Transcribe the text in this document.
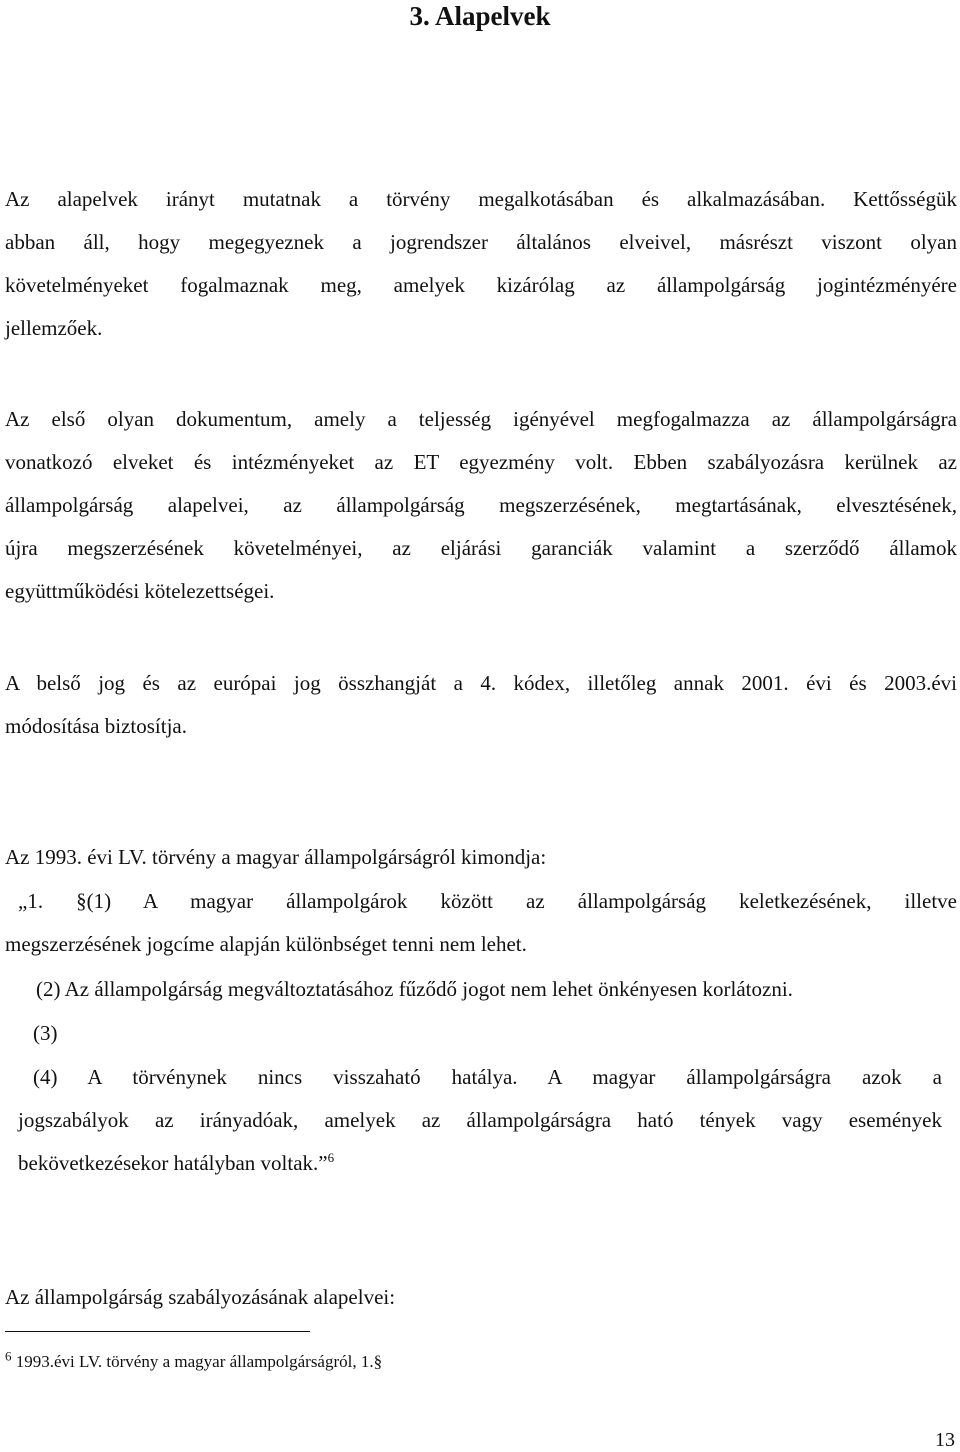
3. Alapelvek
Az alapelvek irányt mutatnak a törvény megalkotásában és alkalmazásában. Kettősségük
abban áll, hogy megegyeznek a jogrendszer általános elveivel, másrészt viszont olyan
követelményeket fogalmaznak meg, amelyek kizárólag az állampolgárság jogintézményére
jellemzőek.
Az első olyan dokumentum, amely a teljesség igényével megfogalmazza az állampolgárságra
vonatkozó elveket és intézményeket az ET egyezmény volt. Ebben szabályozásra kerülnek az
állampolgárság alapelvei, az állampolgárság megszerzésének, megtartásának, elvesztésének,
újra megszerzésének követelményei, az eljárási garanciák valamint a szerződő államok
együttműködési kötelezettségei.
A belső jog és az európai jog összhangját a 4. kódex, illetőleg annak 2001. évi és 2003.évi
módosítása biztosítja.
Az 1993. évi LV. törvény a magyar állampolgárságról kimondja:
„1. §(1) A magyar állampolgárok között az állampolgárság keletkezésének, illetve
megszerzésének jogcíme alapján különbséget tenni nem lehet.
(2) Az állampolgárság megváltoztatásához fűződő jogot nem lehet önkényesen korlátozni.
(3)
(4) A törvénynek nincs visszaható hatálya. A magyar állampolgárságra azok a
jogszabályok az irányadóak, amelyek az állampolgárságra ható tények vagy események
bekövetkezésekor hatályban voltak.”$^6$
Az állampolgárság szabályozásának alapelvei:
$^6$ 1993.évi LV. törvény a magyar állampolgárságról, 1.§
13
